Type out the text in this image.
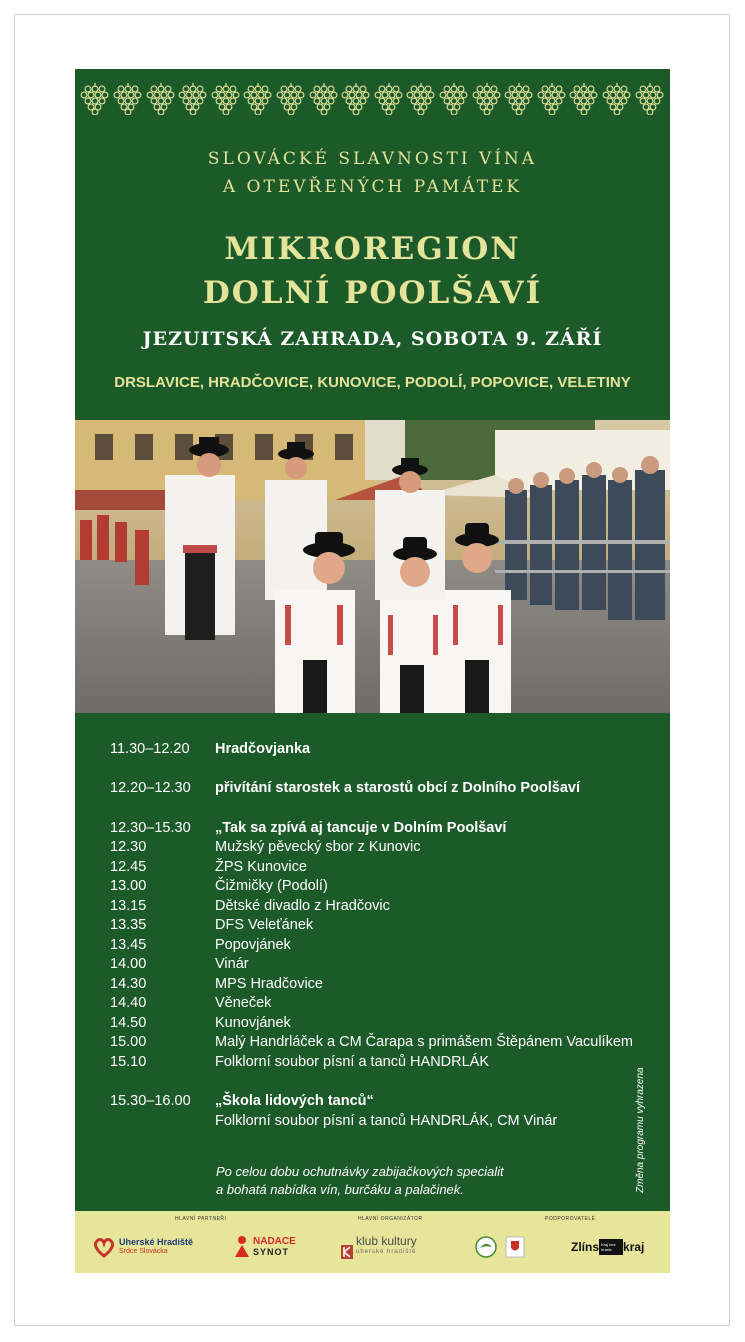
SLOVÁCKÉ SLAVNOSTI VÍNA
A OTEVŘENÝCH PAMÁTEK
MIKROREGION
DOLNÍ POOLŠAVÍ
JEZUITSKÁ ZAHRADA, SOBOTA 9. ZÁŘÍ
DRSLAVICE, HRADČOVICE, KUNOVICE, PODOLÍ, POPOVICE, VELETINY
11.30–12.20 Hradčovjanka
12.20–12.30 přivítání starostek a starostů obcí z Dolního Poolšaví
12.30–15.30 „Tak sa zpívá aj tancuje v Dolním Poolšaví
12.30	Mužský pěvecký sbor z Kunovic
12.45	ŽPS Kunovice
13.00	Čižmičky (Podolí)
13.15	Dětské divadlo z Hradčovic
13.35	DFS Veleťánek
13.45	Popovjánek
14.00	Vinár
14.30	MPS Hradčovice
14.40	Věneček
14.50	Kunovjánek
15.00	Malý Handrláček a CM Čarapa s primášem Štěpánem Vaculíkem
15.10	Folklorní soubor písní a tanců HANDRLÁK
15.30–16.00 „Škola lidových tanců“
Folklorní soubor písní a tanců HANDRLÁK, CM Vinár
Po celou dobu ochutnávky zabijačkových specialit
a bohatá nabídka vín, burčáku a palačinek.	Změna programu vyhrazena
HLAVNÍ PARTNEŘI	HLAVNÍ ORGANIZÁTOR	PODPOROVATELÉ
Uherské Hradiště
Srdce Slovácka
NADACE
SYNOT
klub kultury
uherské hradiště	Zlíns Kraj bez hranic kraj
